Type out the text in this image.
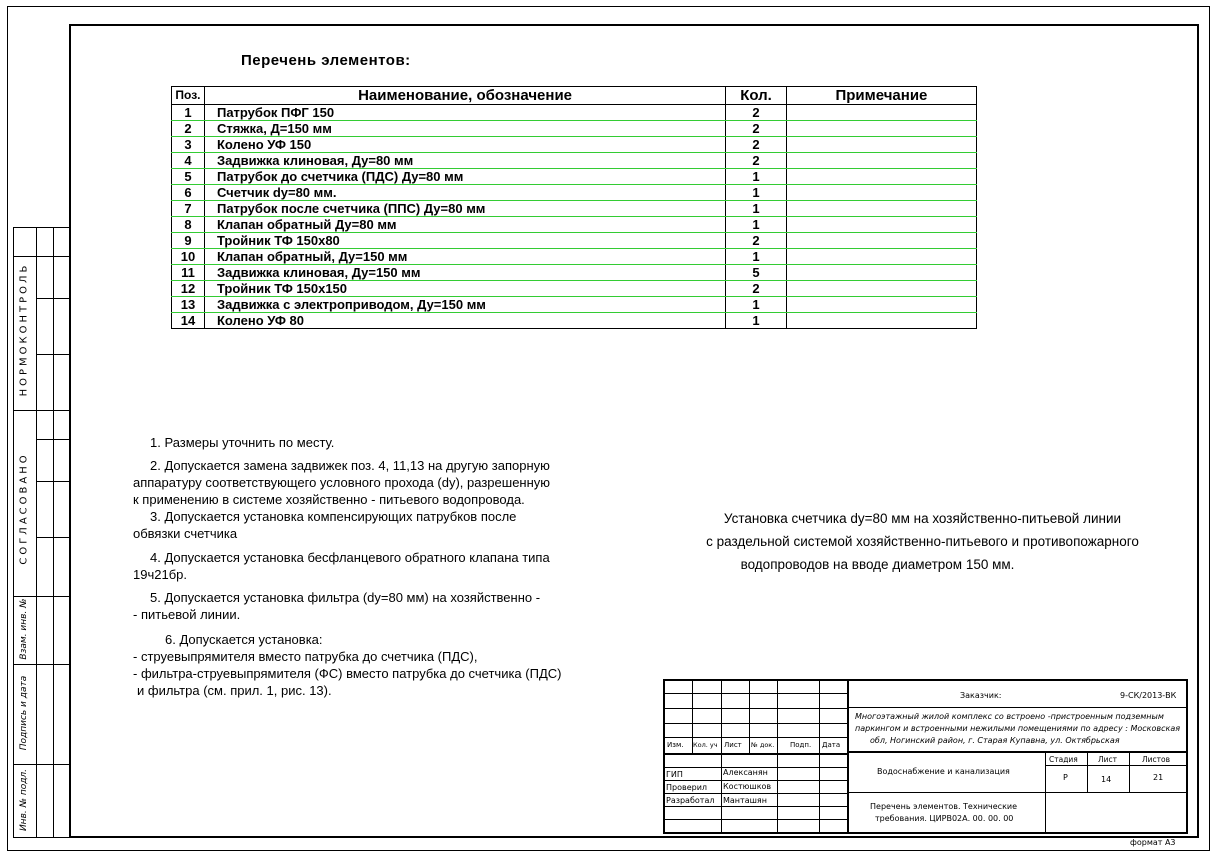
НОРМОКОНТРОЛЬ
СОГЛАСОВАНО
Взам. инв. №
Подпись и дата
Инв. № подл.
Перечень элементов:
Поз.	Наименование, обозначение	Кол.	Примечание
1	Патрубок ПФГ 150	2	
2	Стяжка, Д=150 мм	2	
3	Колено УФ 150	2	
4	Задвижка клиновая, Ду=80 мм	2	
5	Патрубок до счетчика (ПДС) Ду=80 мм	1	
6	Счетчик dy=80 мм.	1	
7	Патрубок после счетчика (ППС) Ду=80 мм	1	
8	Клапан обратный Ду=80 мм	1	
9	Тройник ТФ 150х80	2	
10	Клапан обратный, Ду=150 мм	1	
11	Задвижка клиновая, Ду=150 мм	5	
12	Тройник ТФ 150х150	2	
13	Задвижка с электроприводом, Ду=150 мм	1	
14	Колено УФ 80	1	

1. Размеры уточнить по месту.

2. Допускается замена задвижек поз. 4, 11,13 на другую запорную

аппаратуру соответствующего условного прохода (dy), разрешенную

к применению в системе хозяйственно - питьевого водопровода.

3. Допускается установка компенсирующих патрубков после

обвязки счетчика

4. Допускается установка бесфланцевого обратного клапана типа

19ч21бр.

5. Допускается установка фильтра (dy=80 мм) на хозяйственно -

- питьевой линии.

6. Допускается установка:

- струевыпрямителя вместо патрубка до счетчика (ПДС),

- фильтра-струевыпрямителя (ФС) вместо патрубка до счетчика (ПДС)

и фильтра (см. прил. 1, рис. 13).

Установка счетчика dy=80 мм на хозяйственно-питьевой линии
с раздельной системой хозяйственно-питьевого и противопожарного
водопроводов на вводе диаметром 150 мм.
Заказчик:	9-СК/2013-ВК
Многоэтажный жилой комплекс со встроено -пристроенным подземным
паркингом и встроенными нежилыми помещениями по адресу : Московская
обл, Ногинский район, г. Старая Купавна, ул. Октябрьская
Изм. Кол. уч Лист № док. Подп. Дата
ГИП	Алексанян
Проверил Костюшков
Разработал Манташян
Водоснабжение и канализация
Стадия	Лист	Листов
Р	14	21
Перечень элементов. Технические
требования. ЦИРВ02А. 00. 00. 00
формат А3
